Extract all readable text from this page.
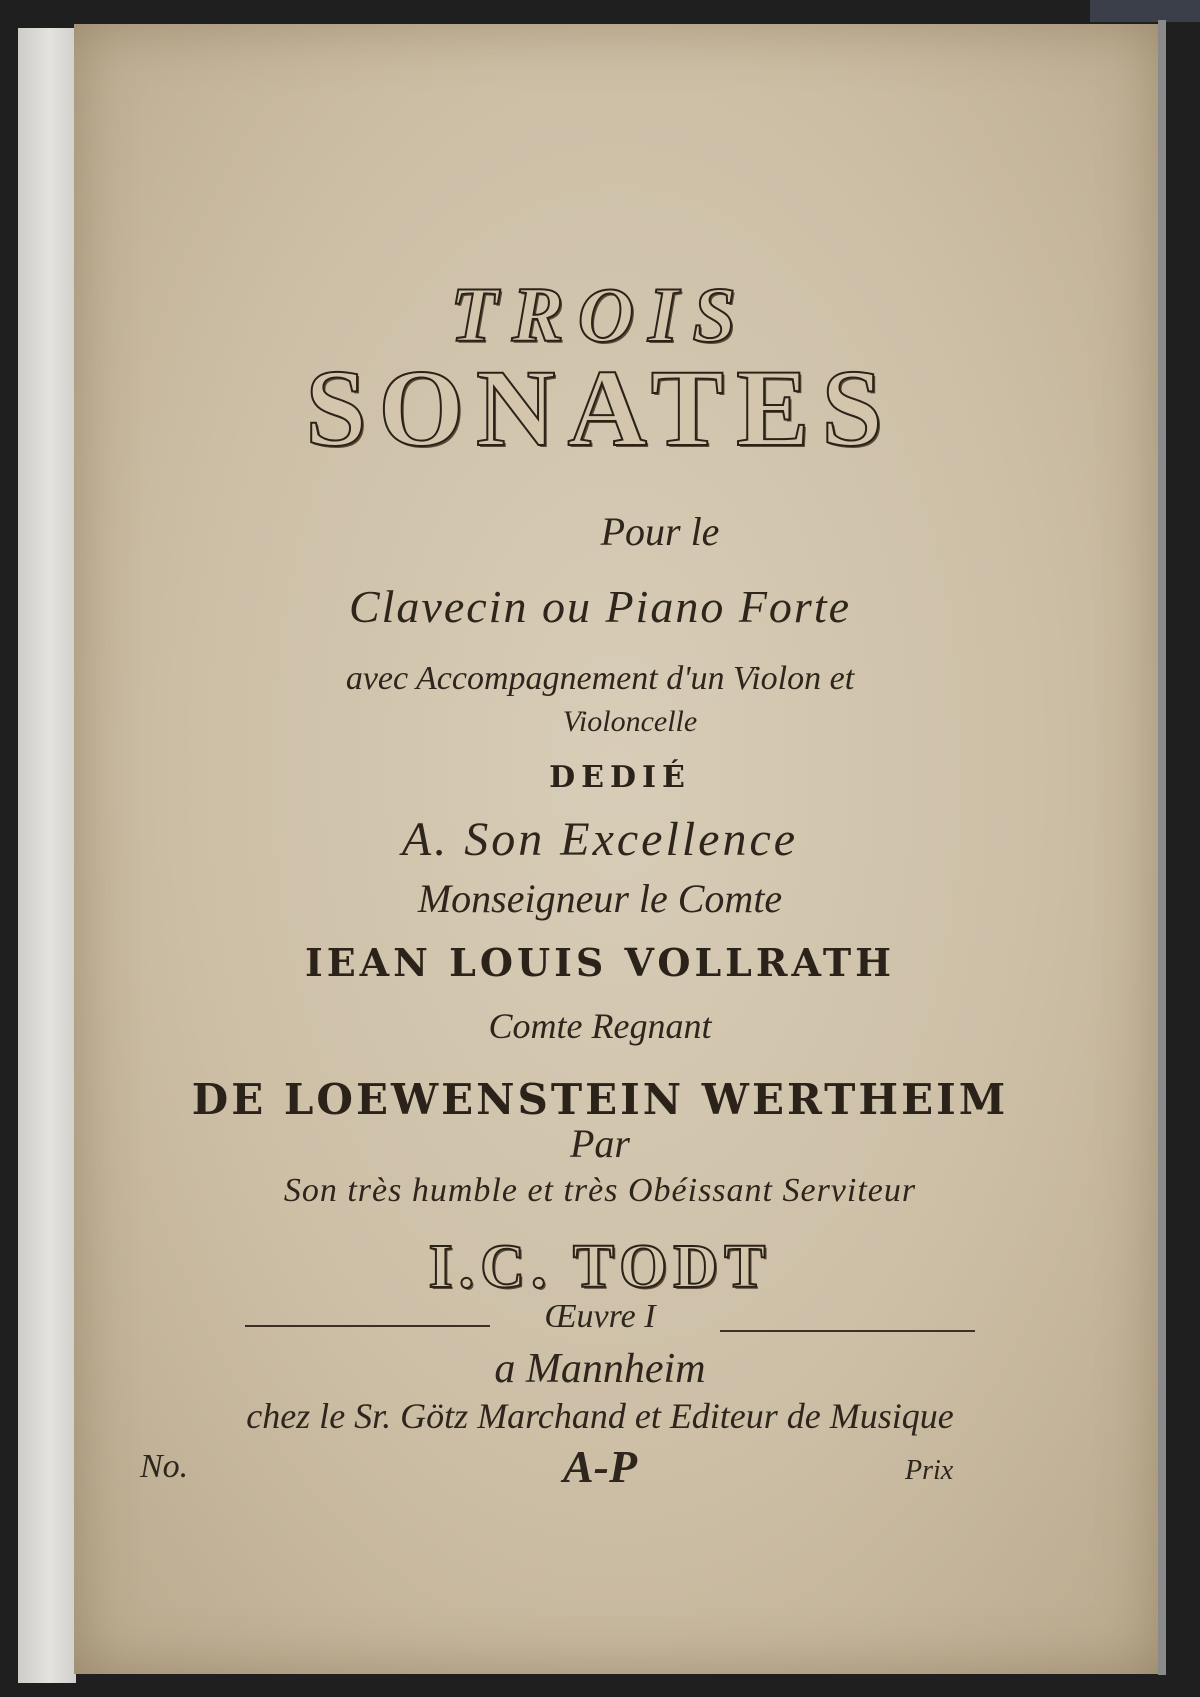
TROIS
SONATES
Pour le
Clavecin ou Piano Forte
avec Accompagnement d'un Violon et
Violoncelle
DEDIÉ
A. Son Excellence
Monseigneur le Comte
IEAN LOUIS VOLLRATH
Comte Regnant
DE LOEWENSTEIN WERTHEIM
Par
Son très humble et très Obéissant Serviteur
I.C. TODT
Œuvre I
a Mannheim
chez le Sr. Götz Marchand et Editeur de Musique
No.	A-P	Prix
